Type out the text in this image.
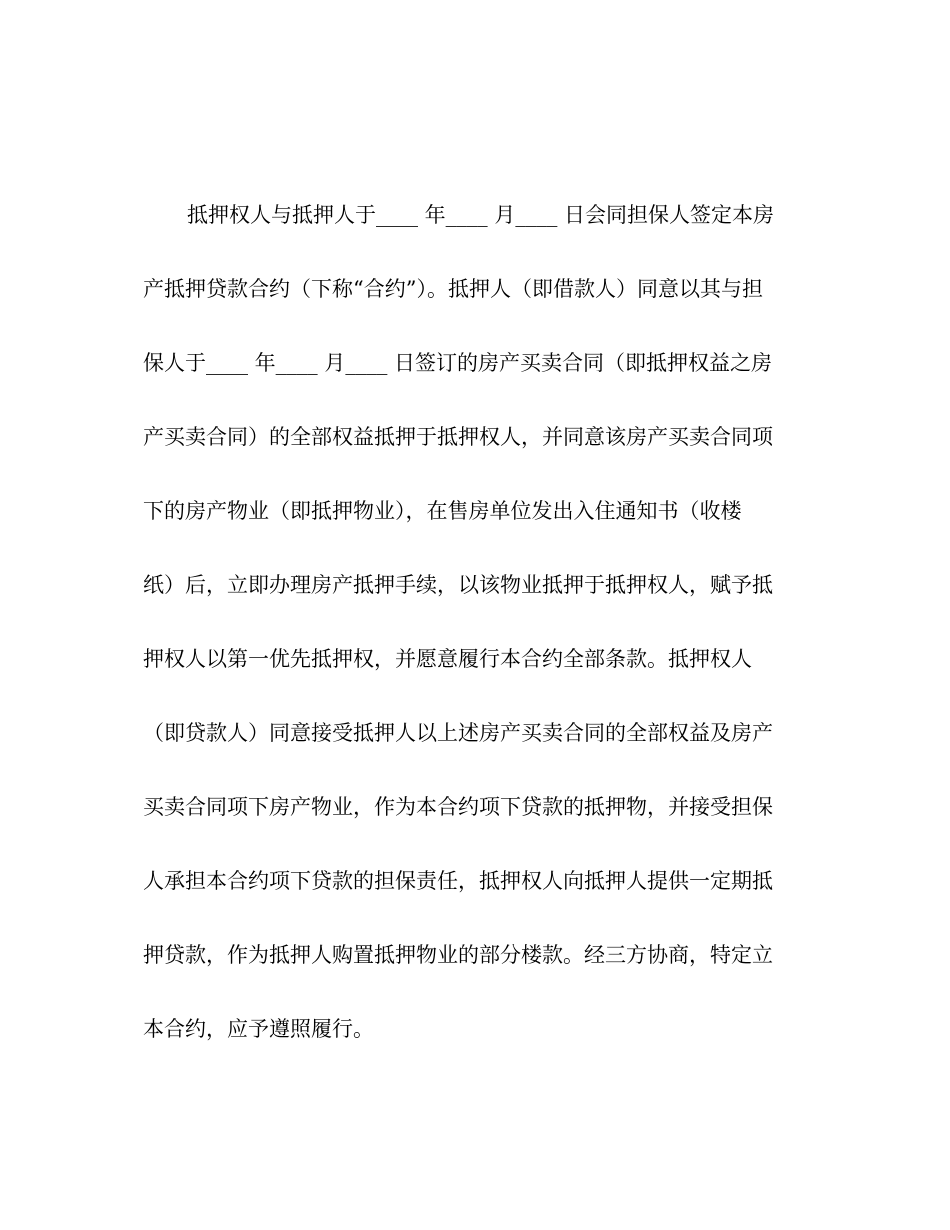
抵押权人与抵押人于____ 年____ 月____ 日会同担保人签定本房
产抵押贷款合约（下称“合约”）。抵押人（即借款人）同意以其与担
保人于____ 年____ 月____ 日签订的房产买卖合同（即抵押权益之房
产买卖合同）的全部权益抵押于抵押权人，并同意该房产买卖合同项
下的房产物业（即抵押物业），在售房单位发出入住通知书（收楼
纸）后，立即办理房产抵押手续，以该物业抵押于抵押权人，赋予抵
押权人以第一优先抵押权，并愿意履行本合约全部条款。抵押权人
（即贷款人）同意接受抵押人以上述房产买卖合同的全部权益及房产
买卖合同项下房产物业，作为本合约项下贷款的抵押物，并接受担保
人承担本合约项下贷款的担保责任，抵押权人向抵押人提供一定期抵
押贷款，作为抵押人购置抵押物业的部分楼款。经三方协商，特定立
本合约，应予遵照履行。
